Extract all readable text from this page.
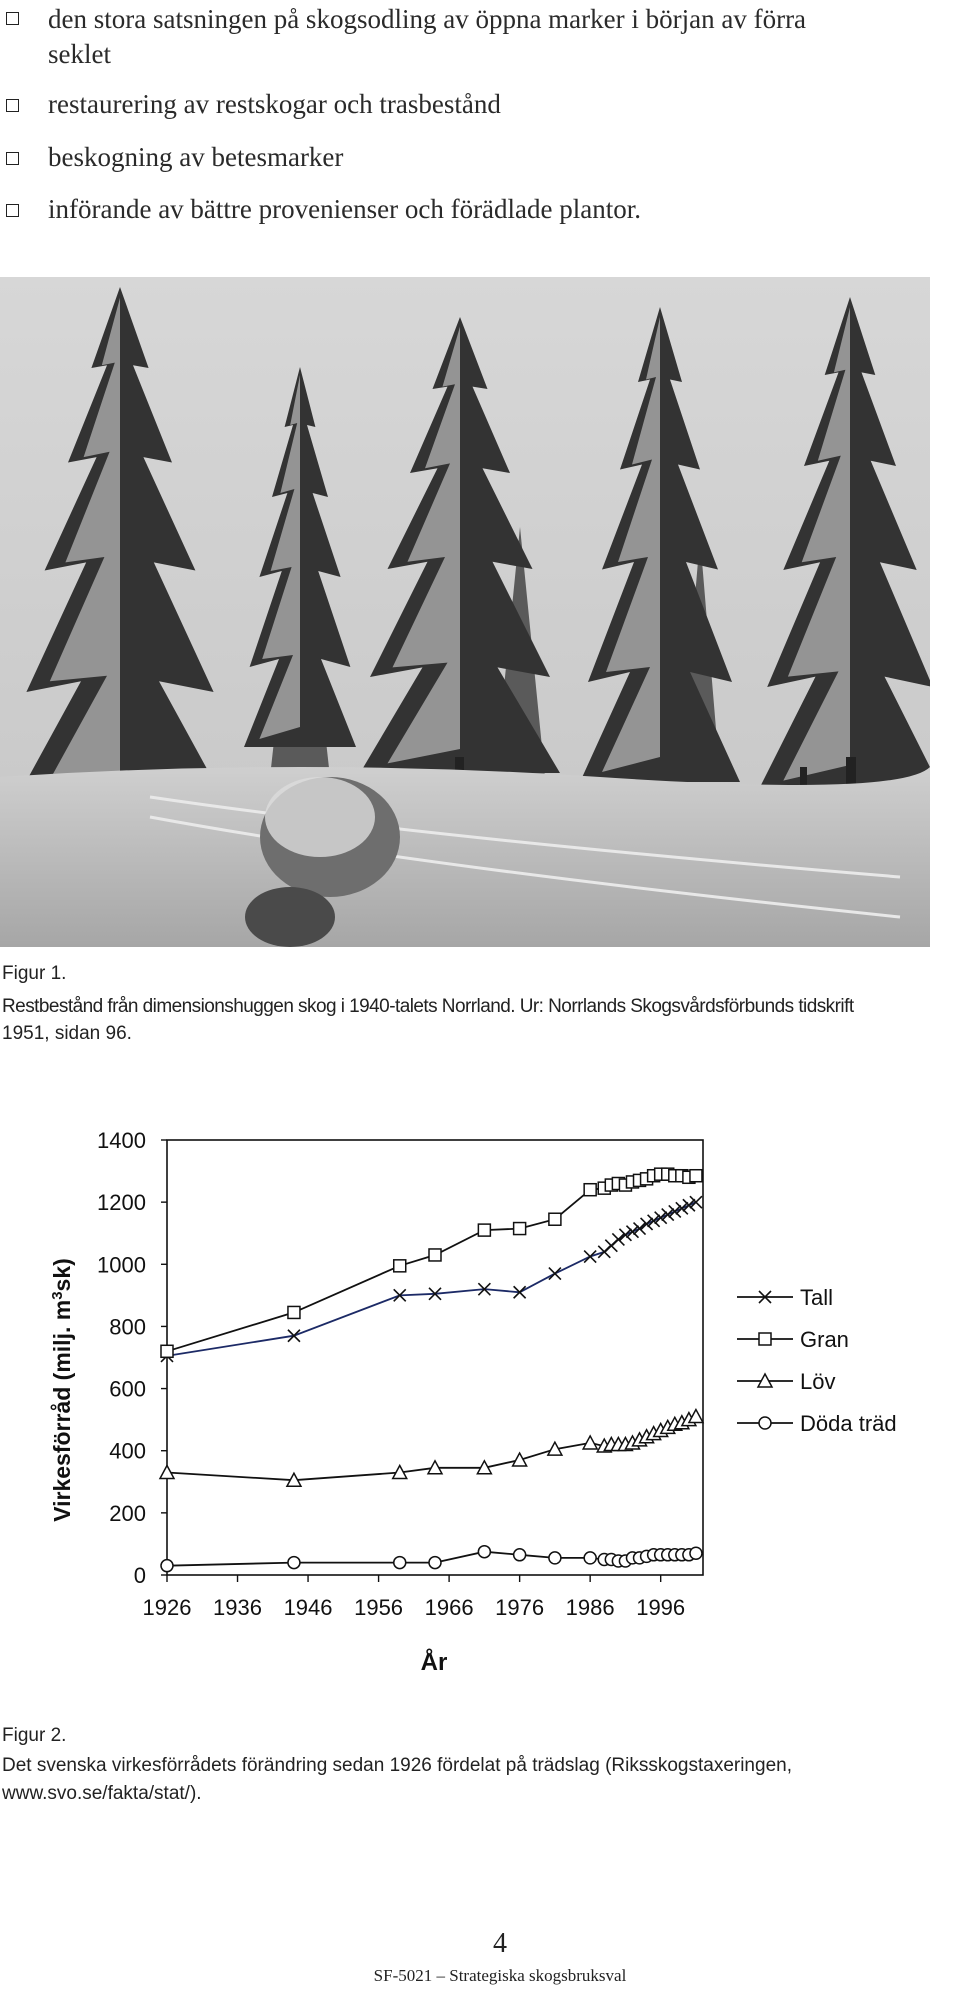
den stora satsningen på skogsodling av öppna marker i början av förra
seklet
restaurering av restskogar och trasbestånd
beskogning av betesmarker
införande av bättre provenienser och förädlade plantor.
Figur 1.
Restbestånd från dimensionshuggen skog i 1940-talets Norrland. Ur: Norrlands Skogsvårdsförbunds tidskrift
1951, sidan 96.
0
200
400
600
800
1000
1200
1400
1926 1936 1946 1956 1966 1976 1986 1996
Virkesförråd (milj. $m^3sk$)
År
Tall
Gran
Löv
Döda träd
Figur 2.
Det svenska virkesförrådets förändring sedan 1926 fördelat på trädslag (Riksskogstaxeringen,
www.svo.se/fakta/stat/).
4
SF-5021 – Strategiska skogsbruksval
